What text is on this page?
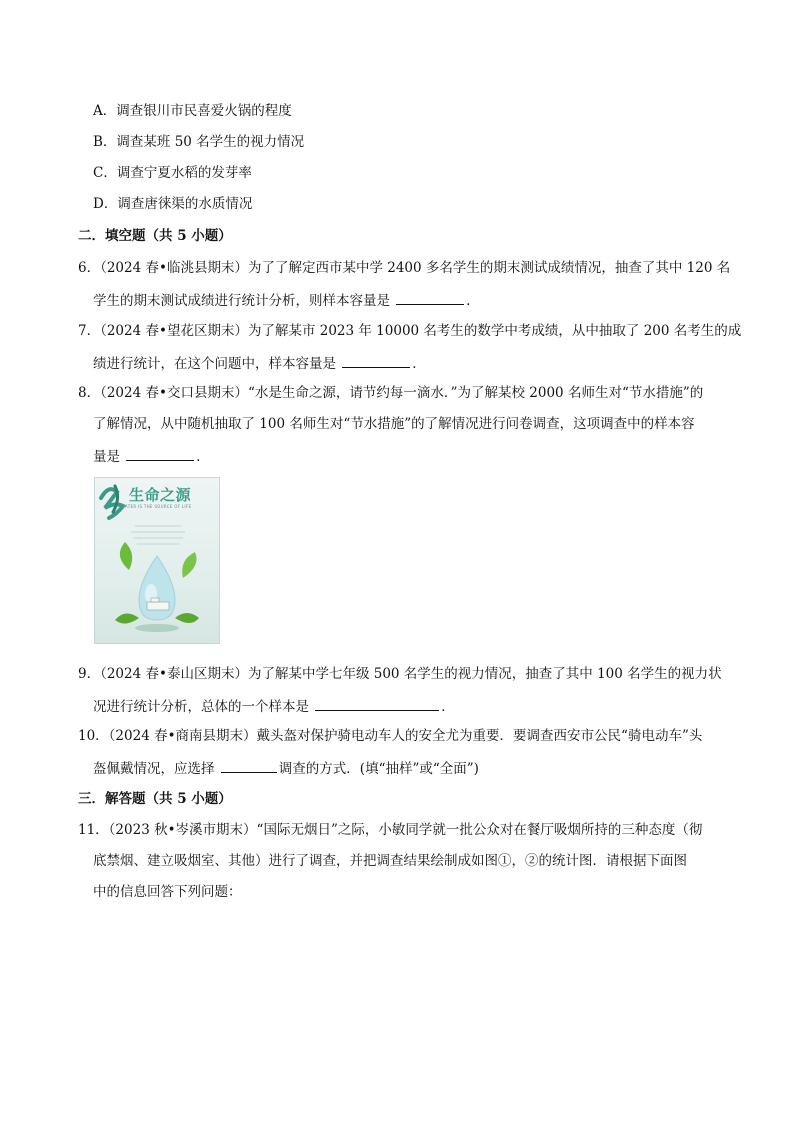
A．调查银川市民喜爱火锅的程度
B．调查某班 50 名学生的视力情况
C．调查宁夏水稻的发芽率
D．调查唐徕渠的水质情况
二．填空题（共 5 小题）
6．（2024 春•临洮县期末）为了了解定西市某中学 2400 多名学生的期末测试成绩情况，抽查了其中 120 名
学生的期末测试成绩进行统计分析，则样本容量是	．
7．（2024 春•望花区期末）为了解某市 2023 年 10000 名考生的数学中考成绩，从中抽取了 200 名考生的成
绩进行统计，在这个问题中，样本容量是	．
8．（2024 春•交口县期末）“水是生命之源，请节约每一滴水．”为了解某校 2000 名师生对“节水措施”的
了解情况，从中随机抽取了 100 名师生对“节水措施”的了解情况进行问卷调查，这项调查中的样本容
量是	．
生命之源
WATER IS THE SOURCE OF LIFE
9．（2024 春•泰山区期末）为了解某中学七年级 500 名学生的视力情况，抽查了其中 100 名学生的视力状
况进行统计分析，总体的一个样本是	．
10．（2024 春•商南县期末）戴头盔对保护骑电动车人的安全尤为重要．要调查西安市公民“骑电动车”头
盔佩戴情况，应选择	调查的方式．(填“抽样”或“全面”)
三．解答题（共 5 小题）
11．（2023 秋•岑溪市期末）“国际无烟日”之际，小敏同学就一批公众对在餐厅吸烟所持的三种态度（彻
底禁烟、建立吸烟室、其他）进行了调查，并把调查结果绘制成如图①，②的统计图．请根据下面图
中的信息回答下列问题：
